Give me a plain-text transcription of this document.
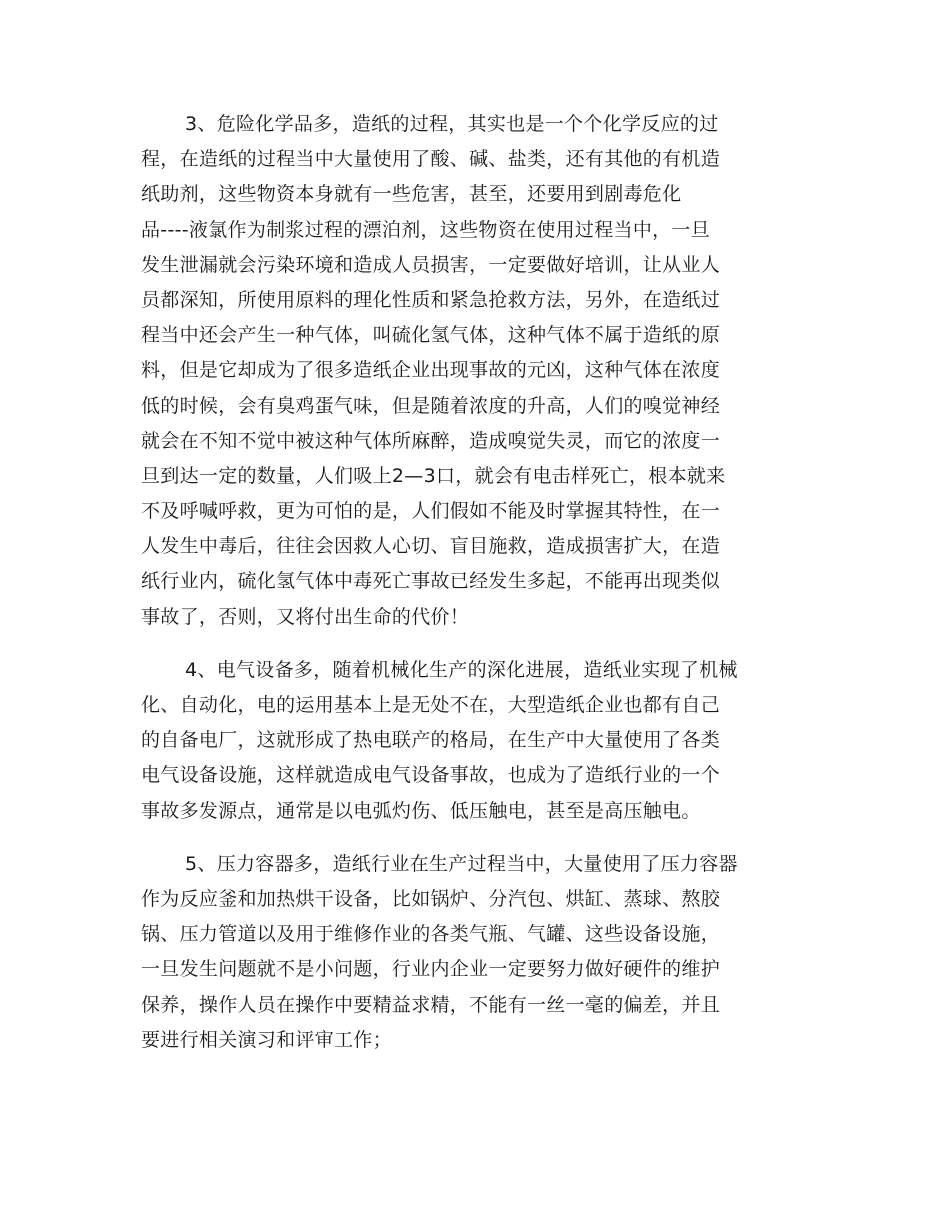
3、危险化学品多，造纸的过程，其实也是一个个化学反应的过
程，在造纸的过程当中大量使用了酸、碱、盐类，还有其他的有机造
纸助剂，这些物资本身就有一些危害，甚至，还要用到剧毒危化
品----液氯作为制浆过程的漂泊剂，这些物资在使用过程当中，一旦
发生泄漏就会污染环境和造成人员损害，一定要做好培训，让从业人
员都深知，所使用原料的理化性质和紧急抢救方法，另外，在造纸过
程当中还会产生一种气体，叫硫化氢气体，这种气体不属于造纸的原
料，但是它却成为了很多造纸企业出现事故的元凶，这种气体在浓度
低的时候，会有臭鸡蛋气味，但是随着浓度的升高，人们的嗅觉神经
就会在不知不觉中被这种气体所麻醉，造成嗅觉失灵，而它的浓度一
旦到达一定的数量，人们吸上2—3口，就会有电击样死亡，根本就来
不及呼喊呼救，更为可怕的是，人们假如不能及时掌握其特性，在一
人发生中毒后，往往会因救人心切、盲目施救，造成损害扩大，在造
纸行业内，硫化氢气体中毒死亡事故已经发生多起，不能再出现类似
事故了，否则，又将付出生命的代价！
4、电气设备多，随着机械化生产的深化进展，造纸业实现了机械
化、自动化，电的运用基本上是无处不在，大型造纸企业也都有自己
的自备电厂，这就形成了热电联产的格局，在生产中大量使用了各类
电气设备设施，这样就造成电气设备事故，也成为了造纸行业的一个
事故多发源点，通常是以电弧灼伤、低压触电，甚至是高压触电。
5、压力容器多，造纸行业在生产过程当中，大量使用了压力容器
作为反应釜和加热烘干设备，比如锅炉、分汽包、烘缸、蒸球、熬胶
锅、压力管道以及用于维修作业的各类气瓶、气罐、这些设备设施，
一旦发生问题就不是小问题，行业内企业一定要努力做好硬件的维护
保养，操作人员在操作中要精益求精，不能有一丝一毫的偏差，并且
要进行相关演习和评审工作；
